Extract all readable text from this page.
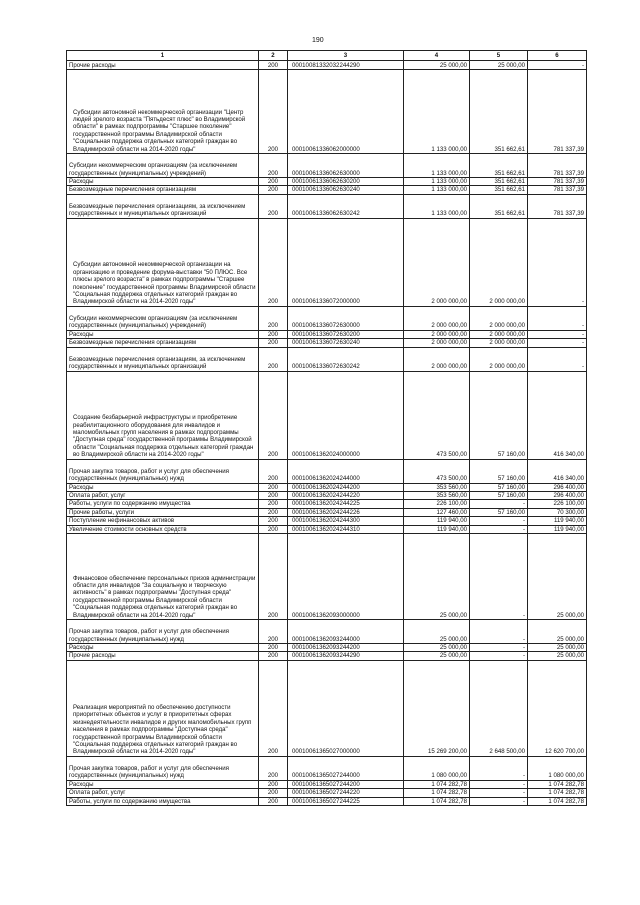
190
1	2	3	4	5	6
Прочие расходы	200	00010081332032244290	25 000,00	25 000,00	-
Субсидии автономной некоммерческой организации "Центр людей зрелого возраста "Пятьдесят плюс" во Владимирской области" в рамках подпрограммы "Старшее поколение" государственной программы Владимирской области "Социальная поддержка отдельных категорий граждан во Владимирской области на 2014-2020 годы"	200	00010061336062000000	1 133 000,00	351 662,61	781 337,39
Субсидии некоммерческим организациям (за исключением государственных (муниципальных) учреждений)	200	00010061336062630000	1 133 000,00	351 662,61	781 337,39
Расходы	200	00010061336062630200	1 133 000,00	351 662,61	781 337,39
Безвозмездные перечисления организациям	200	00010061336062630240	1 133 000,00	351 662,61	781 337,39
Безвозмездные перечисления организациям, за исключением государственных и муниципальных организаций	200	00010061336062630242	1 133 000,00	351 662,61	781 337,39
Субсидии автономной некоммерческой организации на организацию и проведение форума-выставки "50 ПЛЮС. Все плюсы зрелого возраста" в рамках подпрограммы "Старшее поколение" государственной программы Владимирской области "Социальная поддержка отдельных категорий граждан во Владимирской области на 2014-2020 годы"	200	00010061336072000000	2 000 000,00	2 000 000,00	-
Субсидии некоммерческим организациям (за исключением государственных (муниципальных) учреждений)	200	00010061336072630000	2 000 000,00	2 000 000,00	-
Расходы	200	00010061336072630200	2 000 000,00	2 000 000,00	-
Безвозмездные перечисления организациям	200	00010061336072630240	2 000 000,00	2 000 000,00	-
Безвозмездные перечисления организациям, за исключением государственных и муниципальных организаций	200	00010061336072630242	2 000 000,00	2 000 000,00	-
Создание безбарьерной инфраструктуры и приобретение реабилитационного оборудования для инвалидов и маломобильных групп населения в рамках подпрограммы "Доступная среда" государственной программы Владимирской области "Социальная поддержка отдельных категорий граждан во Владимирской области на 2014-2020 годы"	200	00010061362024000000	473 500,00	57 160,00	416 340,00
Прочая закупка товаров, работ и услуг для обеспечения государственных (муниципальных) нужд	200	00010061362024244000	473 500,00	57 160,00	416 340,00
Расходы	200	00010061362024244200	353 560,00	57 160,00	296 400,00
Оплата работ, услуг	200	00010061362024244220	353 560,00	57 160,00	296 400,00
Работы, услуги по содержанию имущества	200	00010061362024244225	226 100,00	-	226 100,00
Прочие работы, услуги	200	00010061362024244226	127 460,00	57 160,00	70 300,00
Поступление нефинансовых активов	200	00010061362024244300	119 940,00	-	119 940,00
Увеличение стоимости основных средств	200	00010061362024244310	119 940,00	-	119 940,00
Финансовое обеспечение персональных призов администрации области для инвалидов "За социальную и творческую активность" в рамках подпрограммы "Доступная среда" государственной программы Владимирской области "Социальная поддержка отдельных категорий граждан во Владимирской области на 2014-2020 годы"	200	00010061362093000000	25 000,00	-	25 000,00
Прочая закупка товаров, работ и услуг для обеспечения государственных (муниципальных) нужд	200	00010061362093244000	25 000,00	-	25 000,00
Расходы	200	00010061362093244200	25 000,00	-	25 000,00
Прочие расходы	200	00010061362093244290	25 000,00	-	25 000,00
Реализация мероприятий по обеспечению доступности приоритетных объектов и услуг в приоритетных сферах жизнедеятельности инвалидов и других маломобильных групп населения в рамках подпрограммы "Доступная среда" государственной программы Владимирской области "Социальная поддержка отдельных категорий граждан во Владимирской области на 2014-2020 годы"	200	00010061365027000000	15 269 200,00	2 648 500,00	12 620 700,00
Прочая закупка товаров, работ и услуг для обеспечения государственных (муниципальных) нужд	200	00010061365027244000	1 080 000,00	-	1 080 000,00
Расходы	200	00010061365027244200	1 074 282,78	-	1 074 282,78
Оплата работ, услуг	200	00010061365027244220	1 074 282,78	-	1 074 282,78
Работы, услуги по содержанию имущества	200	00010061365027244225	1 074 282,78	-	1 074 282,78
